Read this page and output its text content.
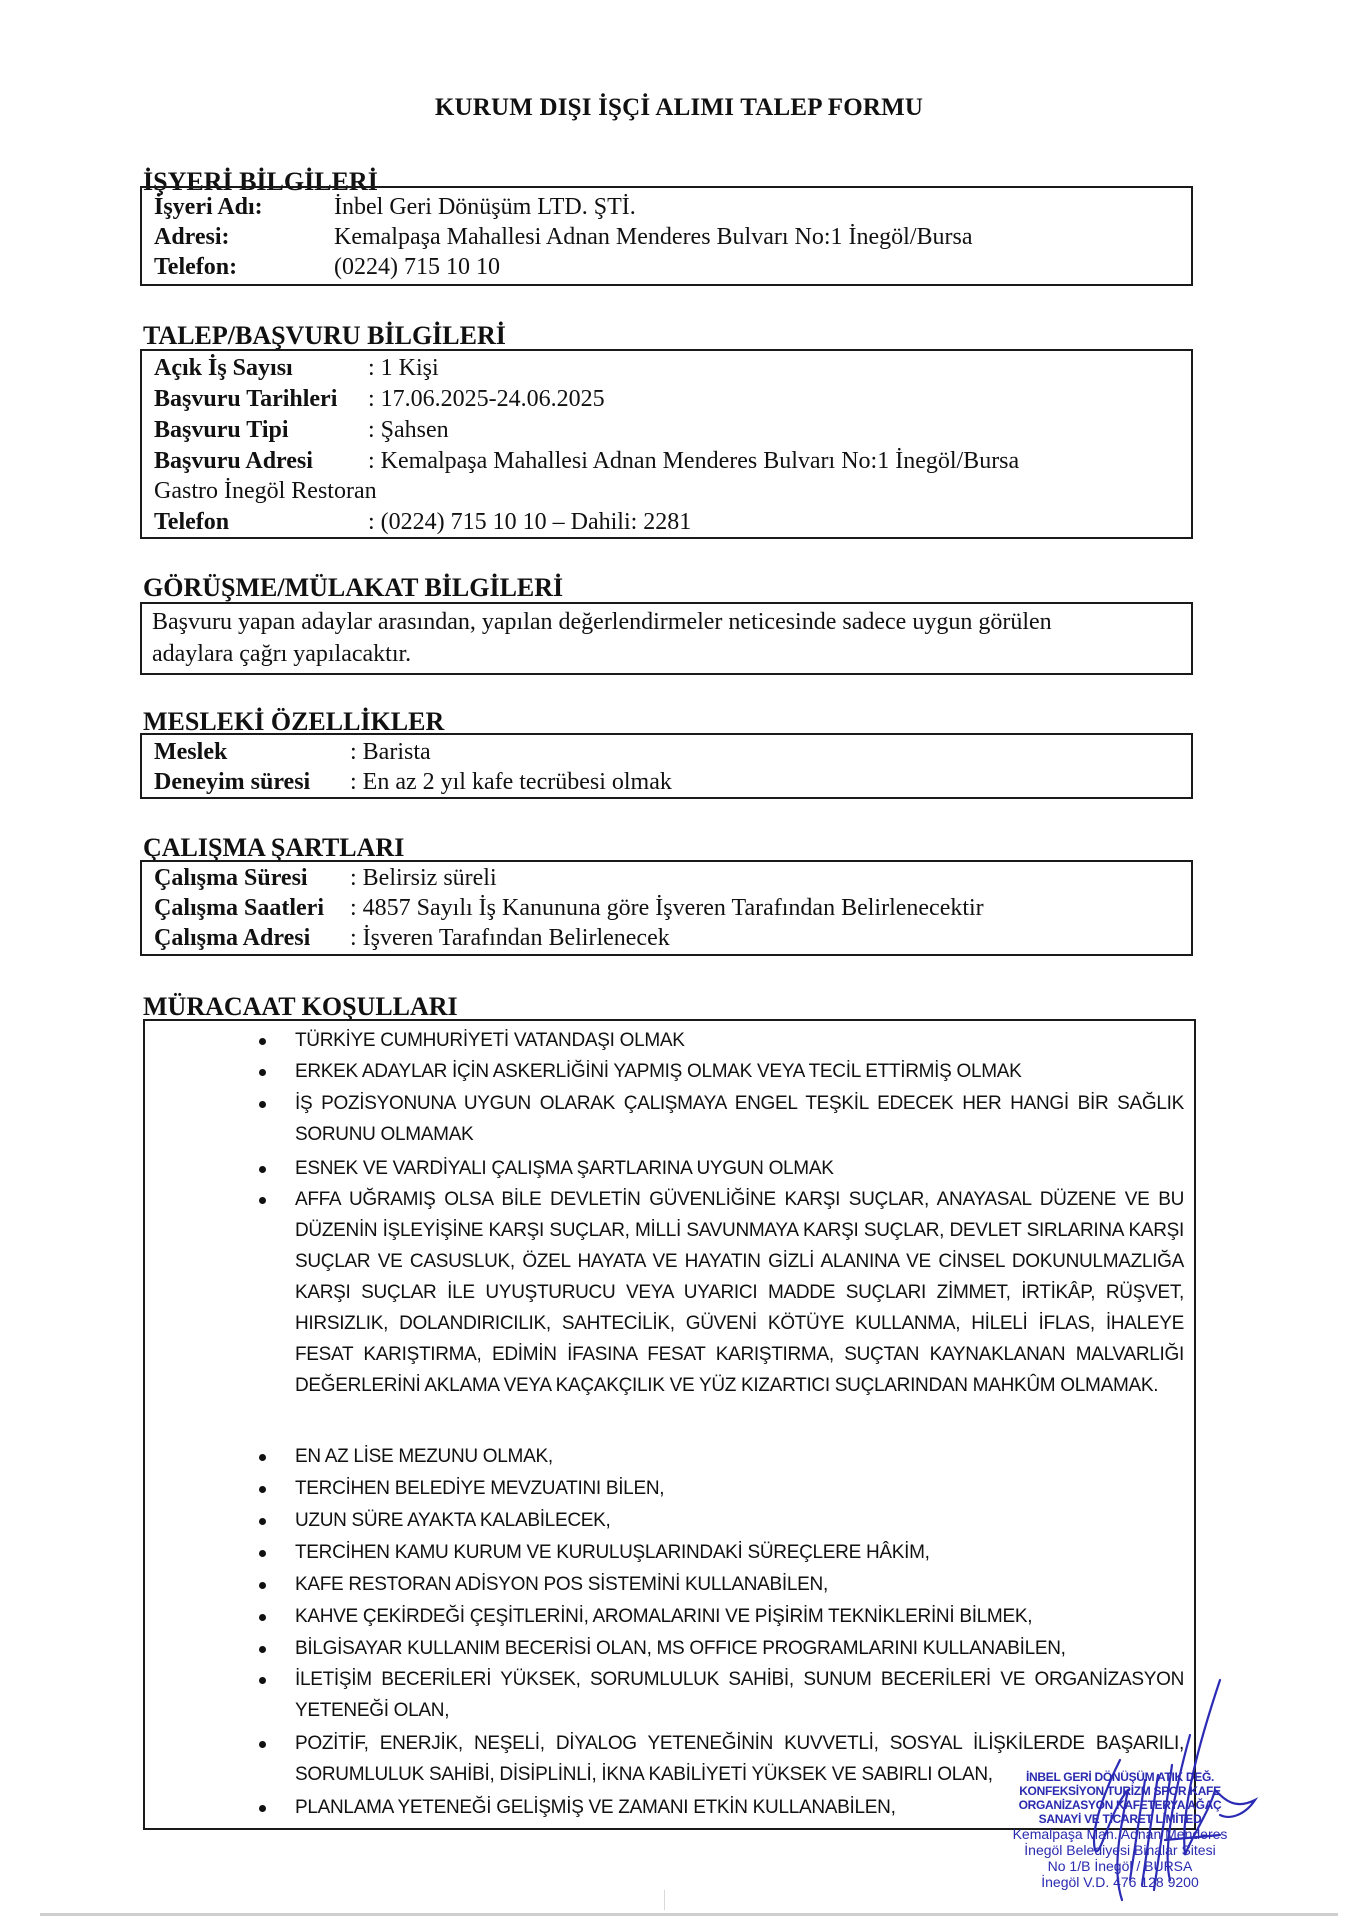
KURUM DIŞI İŞÇİ ALIMI TALEP FORMU
İŞYERİ BİLGİLERİ
İşyeri Adı:	İnbel Geri Dönüşüm LTD. ŞTİ.
Adresi:	Kemalpaşa Mahallesi Adnan Menderes Bulvarı No:1 İnegöl/Bursa
Telefon:	(0224) 715 10 10
TALEP/BAŞVURU BİLGİLERİ
Açık İş Sayısı	: 1 Kişi
Başvuru Tarihleri : 17.06.2025-24.06.2025
Başvuru Tipi	: Şahsen
Başvuru Adresi : Kemalpaşa Mahallesi Adnan Menderes Bulvarı No:1 İnegöl/Bursa
Gastro İnegöl Restoran
Telefon	: (0224) 715 10 10 – Dahili: 2281
GÖRÜŞME/MÜLAKAT BİLGİLERİ
Başvuru yapan adaylar arasından, yapılan değerlendirmeler neticesinde sadece uygun görülen
adaylara çağrı yapılacaktır.
MESLEKİ ÖZELLİKLER
Meslek	: Barista
Deneyim süresi : En az 2 yıl kafe tecrübesi olmak
ÇALIŞMA ŞARTLARI
Çalışma Süresi : Belirsiz süreli
Çalışma Saatleri : 4857 Sayılı İş Kanununa göre İşveren Tarafından Belirlenecektir
Çalışma Adresi : İşveren Tarafından Belirlenecek
MÜRACAAT KOŞULLARI
TÜRKİYE CUMHURİYETİ VATANDAŞI OLMAK
ERKEK ADAYLAR İÇİN ASKERLİĞİNİ YAPMIŞ OLMAK VEYA TECİL ETTİRMİŞ OLMAK
İŞ POZİSYONUNA UYGUN OLARAK ÇALIŞMAYA ENGEL TEŞKİL EDECEK HER HANGİ BİR SAĞLIK SORUNU OLMAMAK
ESNEK VE VARDİYALI ÇALIŞMA ŞARTLARINA UYGUN OLMAK
AFFA UĞRAMIŞ OLSA BİLE DEVLETİN GÜVENLİĞİNE KARŞI SUÇLAR, ANAYASAL DÜZENE VE BU DÜZENİN İŞLEYİŞİNE KARŞI SUÇLAR, MİLLİ SAVUNMAYA KARŞI SUÇLAR, DEVLET SIRLARINA KARŞI SUÇLAR VE CASUSLUK, ÖZEL HAYATA VE HAYATIN GİZLİ ALANINA VE CİNSEL DOKUNULMAZLIĞA KARŞI SUÇLAR İLE UYUŞTURUCU VEYA UYARICI MADDE SUÇLARI ZİMMET, İRTİKÂP, RÜŞVET, HIRSIZLIK, DOLANDIRICILIK, SAHTECİLİK, GÜVENİ KÖTÜYE KULLANMA, HİLELİ İFLAS, İHALEYE FESAT KARIŞTIRMA, EDİMİN İFASINA FESAT KARIŞTIRMA, SUÇTAN KAYNAKLANAN MALVARLIĞI DEĞERLERİNİ AKLAMA VEYA KAÇAKÇILIK VE YÜZ KIZARTICI SUÇLARINDAN MAHKÛM OLMAMAK.
EN AZ LİSE MEZUNU OLMAK,
TERCİHEN BELEDİYE MEVZUATINI BİLEN,
UZUN SÜRE AYAKTA KALABİLECEK,
TERCİHEN KAMU KURUM VE KURULUŞLARINDAKİ SÜREÇLERE HÂKİM,
KAFE RESTORAN ADİSYON POS SİSTEMİNİ KULLANABİLEN,
KAHVE ÇEKİRDEĞİ ÇEŞİTLERİNİ, AROMALARINI VE PİŞİRİM TEKNİKLERİNİ BİLMEK,
BİLGİSAYAR KULLANIM BECERİSİ OLAN, MS OFFICE PROGRAMLARINI KULLANABİLEN,
İLETİŞİM BECERİLERİ YÜKSEK, SORUMLULUK SAHİBİ, SUNUM BECERİLERİ VE ORGANİZASYON YETENEĞİ OLAN,
POZİTİF, ENERJİK, NEŞELİ, DİYALOG YETENEĞİNİN KUVVETLİ, SOSYAL İLİŞKİLERDE BAŞARILI, SORUMLULUK SAHİBİ, DİSİPLİNLİ, İKNA KABİLİYETİ YÜKSEK VE SABIRLI OLAN,
PLANLAMA YETENEĞİ GELİŞMİŞ VE ZAMANI ETKİN KULLANABİLEN,
İNBEL GERİ DÖNÜŞÜM ATIK DEĞ.
KONFEKSİYON TURİZM SPOR KAFE
ORGANİZASYON KAFETERYA AĞAÇ
SANAYİ VE TİCARET LİMİTED
Kemalpaşa Mah. Adnan Menderes
İnegöl Belediyesi Binalar Sitesi
No 1/B İnegöl / BURSA
İnegöl V.D. 476 128 9200
